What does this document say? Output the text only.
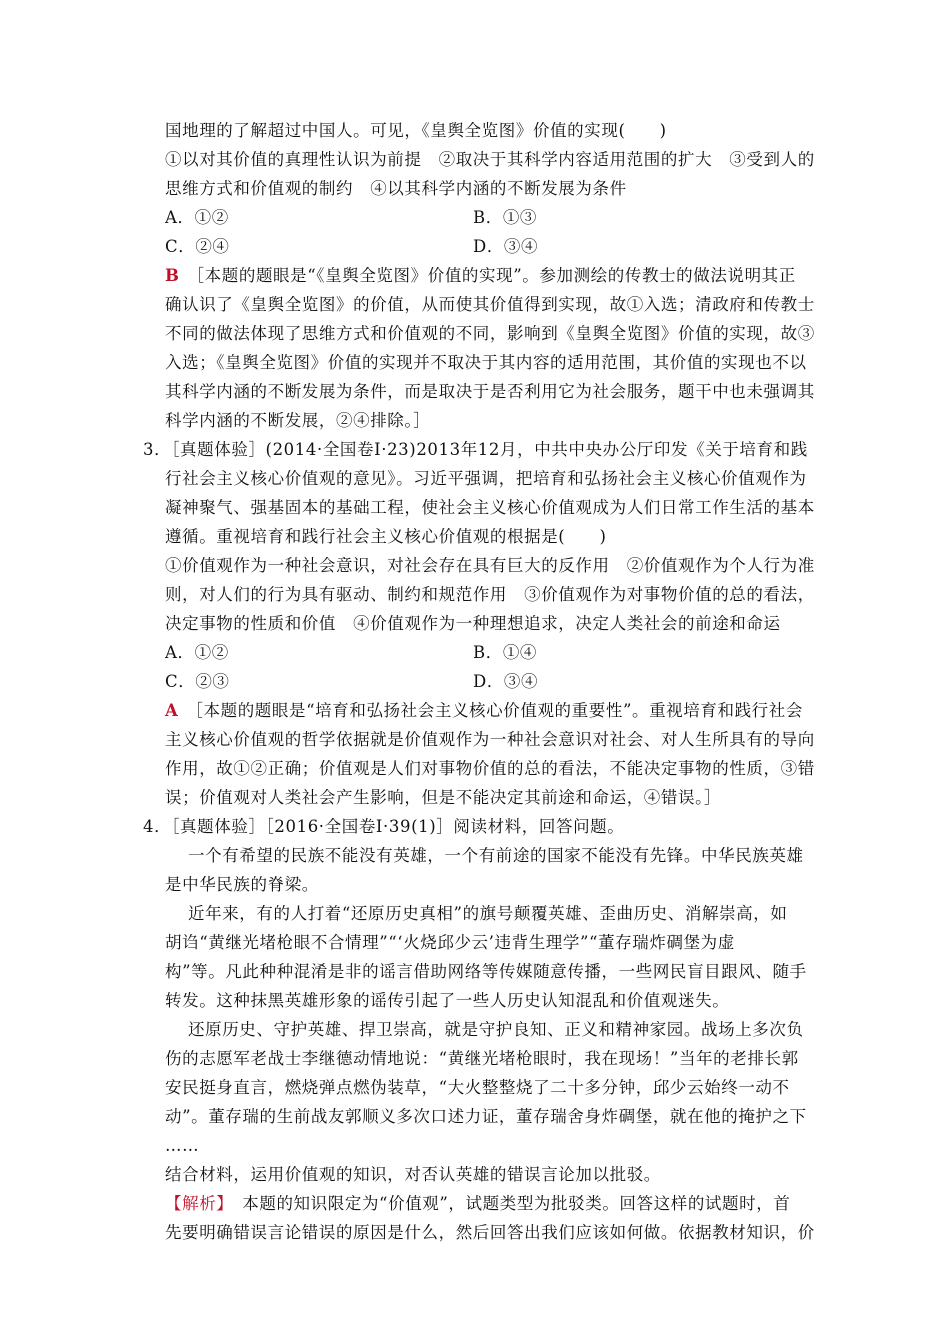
国地理的了解超过中国人。可见，《皇舆全览图》价值的实现(　　)
①以对其价值的真理性认识为前提　②取决于其科学内容适用范围的扩大　③受到人的
思维方式和价值观的制约　④以其科学内涵的不断发展为条件
A．①②	B．①③
C．②④	D．③④
B ［本题的题眼是“《皇舆全览图》价值的实现”。参加测绘的传教士的做法说明其正
确认识了《皇舆全览图》的价值，从而使其价值得到实现，故①入选；清政府和传教士
不同的做法体现了思维方式和价值观的不同，影响到《皇舆全览图》价值的实现，故③
入选；《皇舆全览图》价值的实现并不取决于其内容的适用范围，其价值的实现也不以
其科学内涵的不断发展为条件，而是取决于是否利用它为社会服务，题干中也未强调其
科学内涵的不断发展，②④排除。］
3．［真题体验］(2014·全国卷Ⅰ·23)2013年12月，中共中央办公厅印发《关于培育和践
行社会主义核心价值观的意见》。习近平强调，把培育和弘扬社会主义核心价值观作为
凝神聚气、强基固本的基础工程，使社会主义核心价值观成为人们日常工作生活的基本
遵循。重视培育和践行社会主义核心价值观的根据是(　　)
①价值观作为一种社会意识，对社会存在具有巨大的反作用　②价值观作为个人行为准
则，对人们的行为具有驱动、制约和规范作用　③价值观作为对事物价值的总的看法，
决定事物的性质和价值　④价值观作为一种理想追求，决定人类社会的前途和命运
A．①②	B．①④
C．②③	D．③④
A ［本题的题眼是“培育和弘扬社会主义核心价值观的重要性”。重视培育和践行社会
主义核心价值观的哲学依据就是价值观作为一种社会意识对社会、对人生所具有的导向
作用，故①②正确；价值观是人们对事物价值的总的看法，不能决定事物的性质，③错
误；价值观对人类社会产生影响，但是不能决定其前途和命运，④错误。］
4．［真题体验］［2016·全国卷Ⅰ·39(1)］阅读材料，回答问题。
一个有希望的民族不能没有英雄，一个有前途的国家不能没有先锋。中华民族英雄
是中华民族的脊梁。
近年来，有的人打着“还原历史真相”的旗号颠覆英雄、歪曲历史、消解崇高，如
胡诌“黄继光堵枪眼不合情理”“‘火烧邱少云’违背生理学”“董存瑞炸碉堡为虚
构”等。凡此种种混淆是非的谣言借助网络等传媒随意传播，一些网民盲目跟风、随手
转发。这种抹黑英雄形象的谣传引起了一些人历史认知混乱和价值观迷失。
还原历史、守护英雄、捍卫崇高，就是守护良知、正义和精神家园。战场上多次负
伤的志愿军老战士李继德动情地说：“黄继光堵枪眼时，我在现场！”当年的老排长郭
安民挺身直言，燃烧弹点燃伪装草，“大火整整烧了二十多分钟，邱少云始终一动不
动”。董存瑞的生前战友郭顺义多次口述力证，董存瑞舍身炸碉堡，就在他的掩护之下
……
结合材料，运用价值观的知识，对否认英雄的错误言论加以批驳。
【解析】　本题的知识限定为“价值观”，试题类型为批驳类。回答这样的试题时，首
先要明确错误言论错误的原因是什么，然后回答出我们应该如何做。依据教材知识，价
